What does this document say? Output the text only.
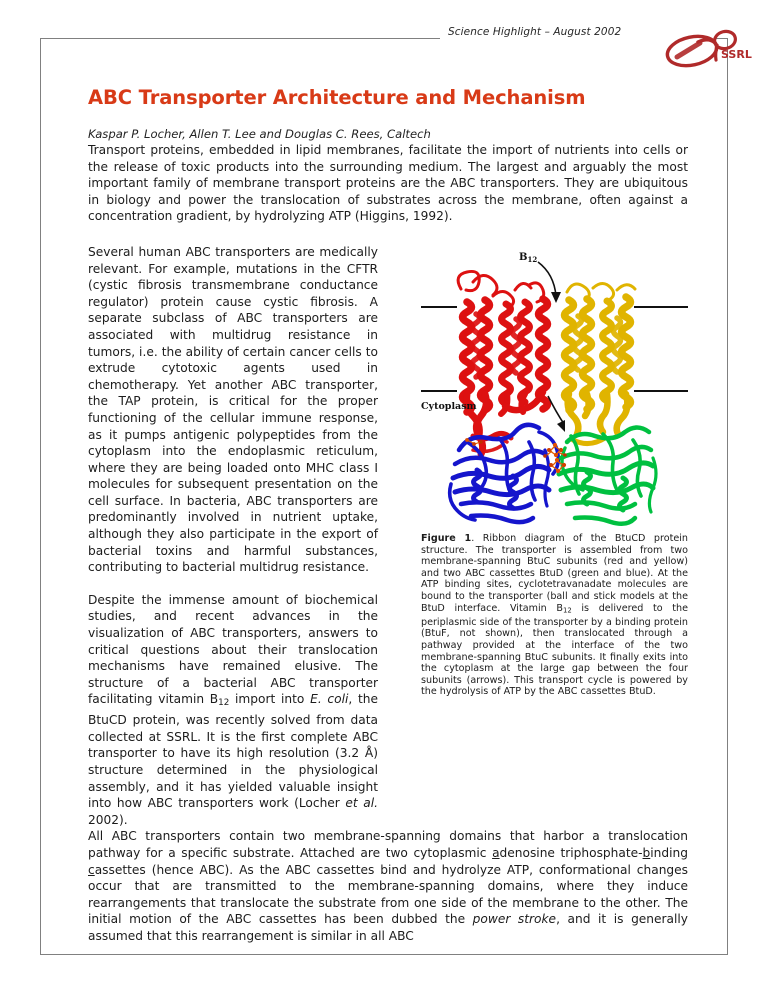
Science Highlight – August 2002
SSRL
ABC Transporter Architecture and Mechanism

Kaspar P. Locher, Allen T. Lee and Douglas C. Rees, Caltech

Transport proteins, embedded in lipid membranes, facilitate the import of nutrients into cells or the release of toxic products into the surrounding medium. The largest and arguably the most important family of membrane transport proteins are the ABC transporters. They are ubiquitous in biology and power the translocation of substrates across the membrane, often against a concentration gradient, by hydrolyzing ATP (Higgins, 1992).

$B_{12}$
Cytoplasm

Figure 1. Ribbon diagram of the BtuCD protein structure. The transporter is assembled from two membrane-spanning BtuC subunits (red and yellow) and two ABC cassettes BtuD (green and blue). At the ATP binding sites, cyclotetravanadate molecules are bound to the transporter (ball and stick models at the BtuD interface. Vitamin $B_{12}$ is delivered to the periplasmic side of the transporter by a binding protein (BtuF, not shown), then translocated through a pathway provided at the interface of the two membrane-spanning BtuC subunits. It finally exits into the cytoplasm at the large gap between the four subunits (arrows). This transport cycle is powered by the hydrolysis of ATP by the ABC cassettes BtuD.

Several human ABC transporters are medically relevant. For example, mutations in the CFTR (cystic fibrosis transmembrane conductance regulator) protein cause cystic fibrosis. A separate subclass of ABC transporters are associated with multidrug resistance in tumors, i.e. the ability of certain cancer cells to extrude cytotoxic agents used in chemotherapy. Yet another ABC transporter, the TAP protein, is critical for the proper functioning of the cellular immune response, as it pumps antigenic polypeptides from the cytoplasm into the endoplasmic reticulum, where they are being loaded onto MHC class I molecules for subsequent presentation on the cell surface. In bacteria, ABC transporters are predominantly involved in nutrient uptake, although they also participate in the export of bacterial toxins and harmful substances, contributing to bacterial multidrug resistance.

Despite the immense amount of biochemical studies, and recent advances in the visualization of ABC transporters, answers to critical questions about their translocation mechanisms have remained elusive. The structure of a bacterial ABC transporter facilitating vitamin $B_{12}$ import into E. coli, the BtuCD protein, was recently solved from data collected at SSRL. It is the first complete ABC transporter to have its high resolution (3.2 Å) structure determined in the physiological assembly, and it has yielded valuable insight into how ABC transporters work (Locher et al. 2002).

All ABC transporters contain two membrane-spanning domains that harbor a translocation pathway for a specific substrate. Attached are two cytoplasmic adenosine triphosphate-binding cassettes (hence ABC). As the ABC cassettes bind and hydrolyze ATP, conformational changes occur that are transmitted to the membrane-spanning domains, where they induce rearrangements that translocate the substrate from one side of the membrane to the other. The initial motion of the ABC cassettes has been dubbed the power stroke, and it is generally assumed that this rearrangement is similar in all ABC
